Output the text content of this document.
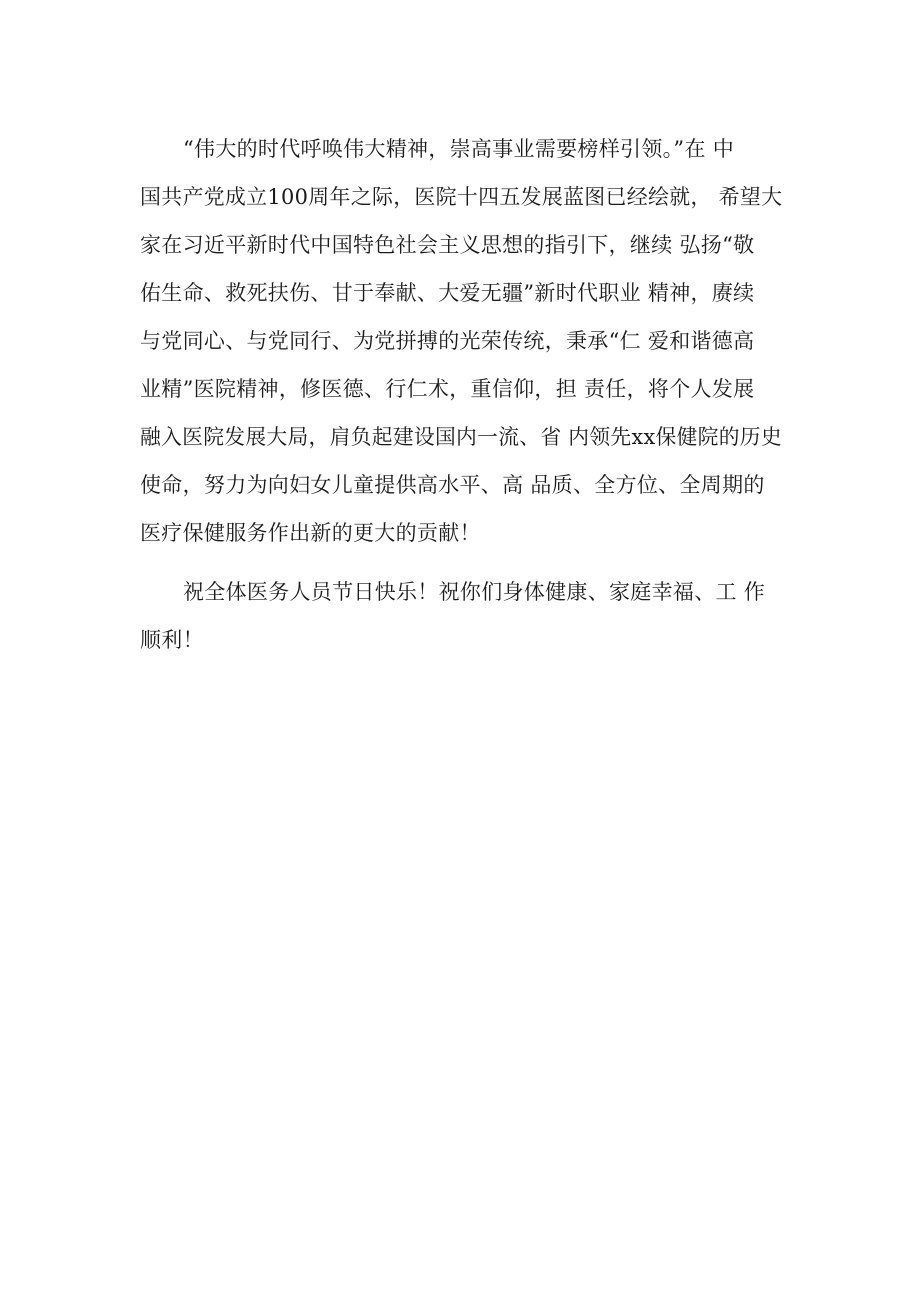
“伟大的时代呼唤伟大精神，崇高事业需要榜样引领。”在 中

国共产党成立100周年之际，医院十四五发展蓝图已经绘就， 希望大

家在习近平新时代中国特色社会主义思想的指引下，继续 弘扬“敬

佑生命、救死扶伤、甘于奉献、大爱无疆”新时代职业 精神，赓续

与党同心、与党同行、为党拼搏的光荣传统，秉承“仁 爱和谐德高

业精”医院精神，修医德、行仁术，重信仰，担 责任，将个人发展

融入医院发展大局，肩负起建设国内一流、省 内领先xx保健院的历史

使命，努力为向妇女儿童提供高水平、高 品质、全方位、全周期的

医疗保健服务作出新的更大的贡献！

祝全体医务人员节日快乐！祝你们身体健康、家庭幸福、工 作

顺利！
